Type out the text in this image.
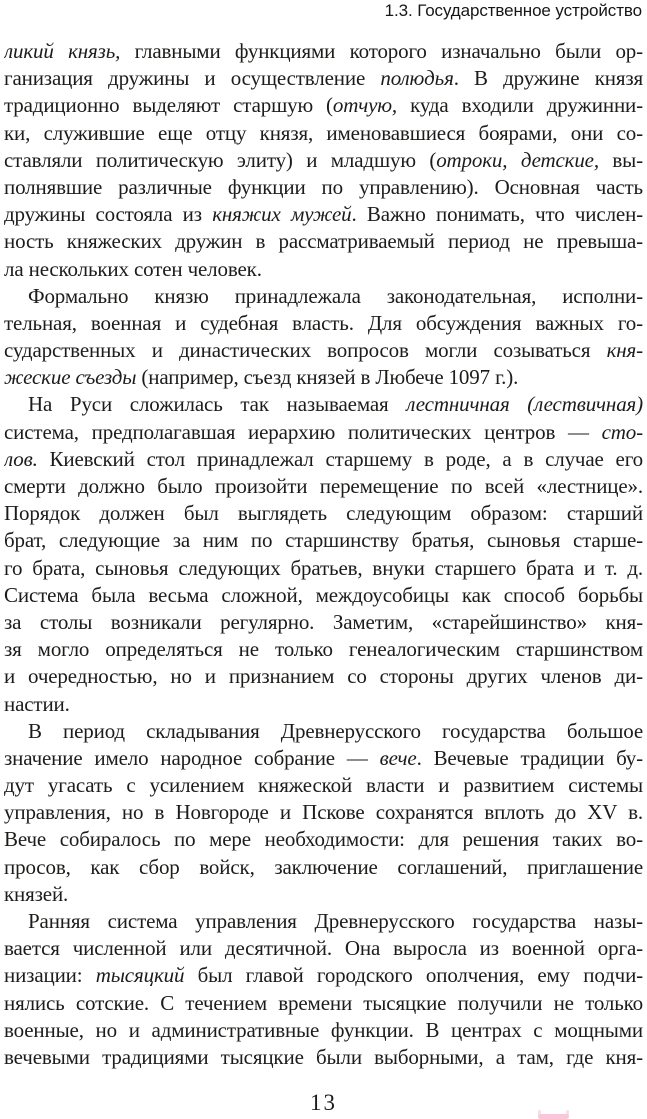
1.3. Государственное устройство
ликий князь, главными функциями которого изначально были ор-
ганизация дружины и осуществление полюдья. В дружине князя
традиционно выделяют старшую (отчую, куда входили дружинни-
ки, служившие еще отцу князя, именовавшиеся боярами, они со-
ставляли политическую элиту) и младшую (отроки, детские, вы-
полнявшие различные функции по управлению). Основная часть
дружины состояла из княжих мужей. Важно понимать, что числен-
ность княжеских дружин в рассматриваемый период не превыша-
ла нескольких сотен человек.
Формально князю принадлежала законодательная, исполни-
тельная, военная и судебная власть. Для обсуждения важных го-
сударственных и династических вопросов могли созываться кня-
жеские съезды (например, съезд князей в Любече 1097 г.).
На Руси сложилась так называемая лестничная (лествичная)
система, предполагавшая иерархию политических центров — сто-
лов. Киевский стол принадлежал старшему в роде, а в случае его
смерти должно было произойти перемещение по всей «лестнице».
Порядок должен был выглядеть следующим образом: старший
брат, следующие за ним по старшинству братья, сыновья старше-
го брата, сыновья следующих братьев, внуки старшего брата и т. д.
Система была весьма сложной, междоусобицы как способ борьбы
за столы возникали регулярно. Заметим, «старейшинство» кня-
зя могло определяться не только генеалогическим старшинством
и очередностью, но и признанием со стороны других членов ди-
настии.
В период складывания Древнерусского государства большое
значение имело народное собрание — вече. Вечевые традиции бу-
дут угасать с усилением княжеской власти и развитием системы
управления, но в Новгороде и Пскове сохранятся вплоть до XV в.
Вече собиралось по мере необходимости: для решения таких во-
просов, как сбор войск, заключение соглашений, приглашение
князей.
Ранняя система управления Древнерусского государства назы-
вается численной или десятичной. Она выросла из военной орга-
низации: тысяцкий был главой городского ополчения, ему подчи-
нялись сотские. С течением времени тысяцкие получили не только
военные, но и административные функции. В центрах с мощными
вечевыми традициями тысяцкие были выборными, а там, где кня-
13
